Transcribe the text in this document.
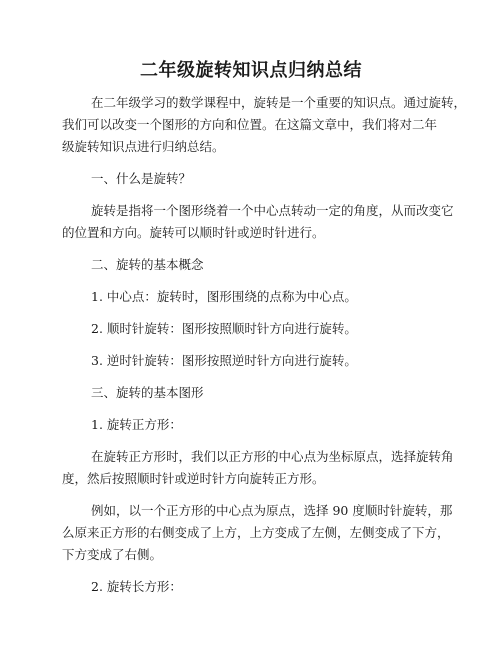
二年级旋转知识点归纳总结
在二年级学习的数学课程中，旋转是一个重要的知识点。通过旋转，
我们可以改变一个图形的方向和位置。在这篇文章中，我们将对二年
级旋转知识点进行归纳总结。
一、什么是旋转？
旋转是指将一个图形绕着一个中心点转动一定的角度，从而改变它
的位置和方向。旋转可以顺时针或逆时针进行。
二、旋转的基本概念
1. 中心点：旋转时，图形围绕的点称为中心点。
2. 顺时针旋转：图形按照顺时针方向进行旋转。
3. 逆时针旋转：图形按照逆时针方向进行旋转。
三、旋转的基本图形
1. 旋转正方形：
在旋转正方形时，我们以正方形的中心点为坐标原点，选择旋转角
度，然后按照顺时针或逆时针方向旋转正方形。
例如，以一个正方形的中心点为原点，选择 90 度顺时针旋转，那
么原来正方形的右侧变成了上方，上方变成了左侧，左侧变成了下方，
下方变成了右侧。
2. 旋转长方形：
